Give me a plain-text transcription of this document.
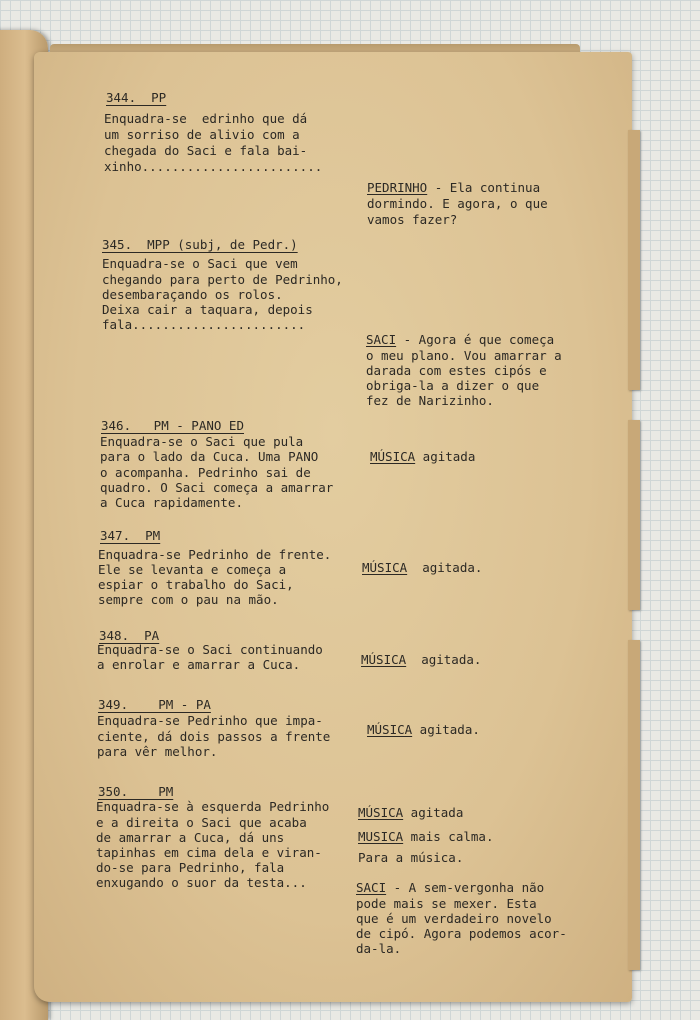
344.  PP
Enquadra-se  edrinho que dá
um sorriso de alivio com a
chegada do Saci e fala bai-
xinho........................
PEDRINHO - Ela continua
dormindo. E agora, o que
vamos fazer?
345.  MPP (subj, de Pedr.)
Enquadra-se o Saci que vem
chegando para perto de Pedrinho,
desembaraçando os rolos.
Deixa cair a taquara, depois
fala.......................
SACI - Agora é que começa
o meu plano. Vou amarrar a
darada com estes cipós e
obriga-la a dizer o que
fez de Narizinho.
346.   PM - PANO ED
Enquadra-se o Saci que pula
para o lado da Cuca. Uma PANO
o acompanha. Pedrinho sai de
quadro. O Saci começa a amarrar
a Cuca rapidamente.
MÚSICA agitada
347.  PM
Enquadra-se Pedrinho de frente.
Ele se levanta e começa a
espiar o trabalho do Saci,
sempre com o pau na mão.
MÚSICA  agitada.
348.  PA
Enquadra-se o Saci continuando
a enrolar e amarrar a Cuca.	MÚSICA  agitada.
349.    PM - PA
Enquadra-se Pedrinho que impa-
ciente, dá dois passos a frente
para vêr melhor.
MÚSICA agitada.
350.    PM
Enquadra-se à esquerda Pedrinho
e a direita o Saci que acaba
de amarrar a Cuca, dá uns
tapinhas em cima dela e viran-
do-se para Pedrinho, fala
enxugando o suor da testa...
MÚSICA agitada
MUSICA mais calma.
Para a música.
SACI - A sem-vergonha não
pode mais se mexer. Esta
que é um verdadeiro novelo
de cipó. Agora podemos acor-
da-la.
